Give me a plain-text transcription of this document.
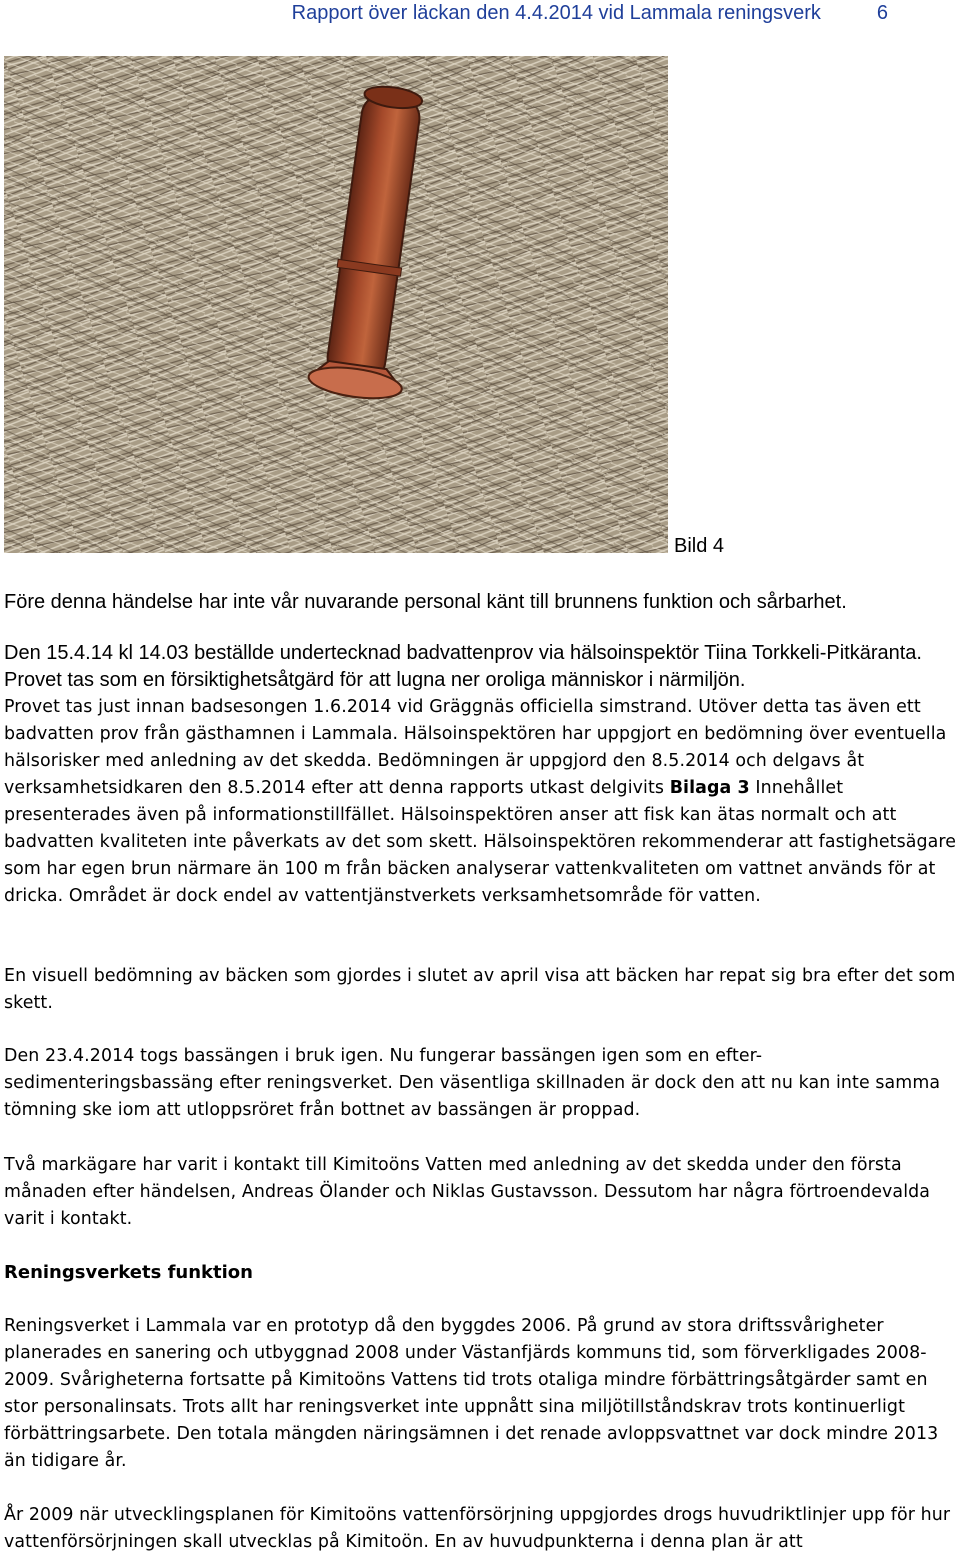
Rapport över läckan den 4.4.2014 vid Lammala reningsverk	6
Bild 4

Före denna händelse har inte vår nuvarande personal känt till brunnens funktion och sårbarhet.

Den 15.4.14 kl 14.03 beställde undertecknad badvattenprov via hälsoinspektör Tiina Torkkeli-Pitkäranta. Provet tas som en försiktighetsåtgärd för att lugna ner oroliga människor i närmiljön.

Provet tas just innan badsesongen 1.6.2014 vid Gräggnäs officiella simstrand. Utöver detta tas även ett badvatten prov från gästhamnen i Lammala. Hälsoinspektören har uppgjort en bedömning över eventuella hälsorisker med anledning av det skedda. Bedömningen är uppgjord den 8.5.2014 och delgavs åt verksamhetsidkaren den 8.5.2014 efter att denna rapports utkast delgivits Bilaga 3 Innehållet presenterades även på informationstillfället. Hälsoinspektören anser att fisk kan ätas normalt och att badvatten kvaliteten inte påverkats av det som skett. Hälsoinspektören rekommenderar att fastighetsägare som har egen brun närmare än 100 m från bäcken analyserar vattenkvaliteten om vattnet används för at dricka. Området är dock endel av vattentjänstverkets verksamhetsområde för vatten.

En visuell bedömning av bäcken som gjordes i slutet av april visa att bäcken har repat sig bra efter det som skett.

Den 23.4.2014 togs bassängen i bruk igen. Nu fungerar bassängen igen som en efter-sedimenteringsbassäng efter reningsverket. Den väsentliga skillnaden är dock den att nu kan inte samma tömning ske iom att utloppsröret från bottnet av bassängen är proppad.

Två markägare har varit i kontakt till Kimitoöns Vatten med anledning av det skedda under den första månaden efter händelsen, Andreas Ölander och Niklas Gustavsson. Dessutom har några förtroendevalda varit i kontakt.

Reningsverkets funktion

Reningsverket i Lammala var en prototyp då den byggdes 2006. På grund av stora driftssvårigheter planerades en sanering och utbyggnad 2008 under Västanfjärds kommuns tid, som förverkligades 2008-2009. Svårigheterna fortsatte på Kimitoöns Vattens tid trots otaliga mindre förbättringsåtgärder samt en stor personalinsats. Trots allt har reningsverket inte uppnått sina miljötillståndskrav trots kontinuerligt förbättringsarbete. Den totala mängden näringsämnen i det renade avloppsvattnet var dock mindre 2013 än tidigare år.

År 2009 när utvecklingsplanen för Kimitoöns vattenförsörjning uppgjordes drogs huvudriktlinjer upp för hur vattenförsörjningen skall utvecklas på Kimitoön. En av huvudpunkterna i denna plan är att
